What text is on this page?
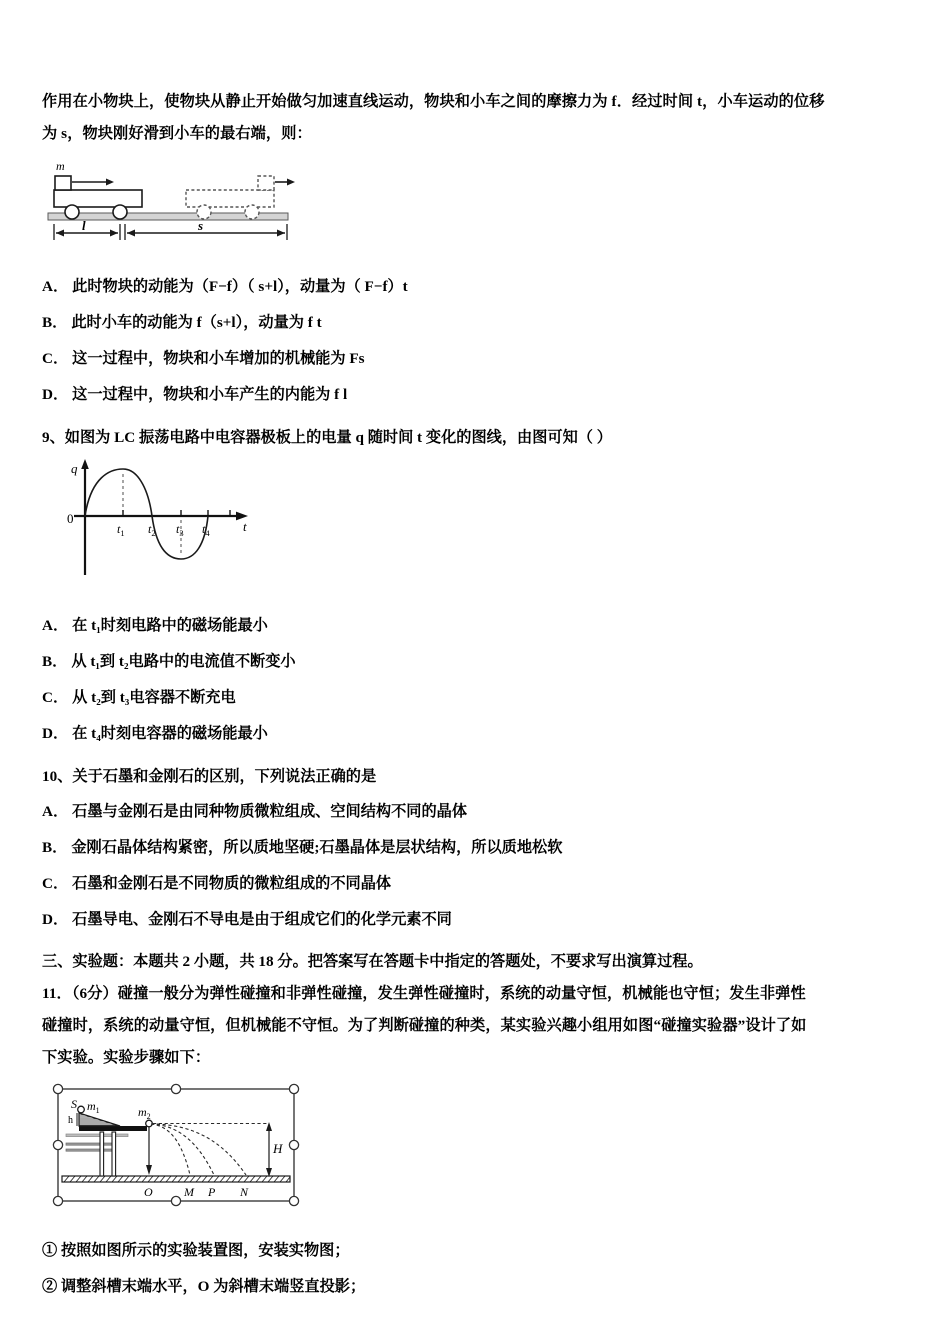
作用在小物块上，使物块从静止开始做匀加速直线运动，物块和小车之间的摩擦力为 f．经过时间 t，小车运动的位移
为 s，物块刚好滑到小车的最右端，则：
m
l	s
A． 此时物块的动能为（F−f）（ s+l），动量为（ F−f）t
B． 此时小车的动能为 f（s+l），动量为 f t
C． 这一过程中，物块和小车增加的机械能为 Fs
D． 这一过程中，物块和小车产生的内能为 f l
9、如图为 LC 振荡电路中电容器极板上的电量 q 随时间 t 变化的图线，由图可知（ ）
q
0
t
$t_1$ $t_2$ $t_3$ $t_4$
A． 在 t₁时刻电路中的磁场能最小
B． 从 t₁到 t₂电路中的电流值不断变小
C． 从 t₂到 t₃电容器不断充电
D． 在 t₄时刻电容器的磁场能最小
10、关于石墨和金刚石的区别，下列说法正确的是
A． 石墨与金刚石是由同种物质微粒组成、空间结构不同的晶体
B． 金刚石晶体结构紧密，所以质地坚硬;石墨晶体是层状结构，所以质地松软
C． 石墨和金刚石是不同物质的微粒组成的不同晶体
D． 石墨导电、金刚石不导电是由于组成它们的化学元素不同
三、实验题：本题共 2 小题，共 18 分。把答案写在答题卡中指定的答题处，不要求写出演算过程。
11．（6分）碰撞一般分为弹性碰撞和非弹性碰撞，发生弹性碰撞时，系统的动量守恒，机械能也守恒；发生非弹性
碰撞时，系统的动量守恒，但机械能不守恒。为了判断碰撞的种类，某实验兴趣小组用如图“碰撞实验器”设计了如
下实验。实验步骤如下：
h
S $m_1$	$m_2$
H
O	M P N
① 按照如图所示的实验装置图，安装实物图；
② 调整斜槽末端水平，O 为斜槽末端竖直投影；
